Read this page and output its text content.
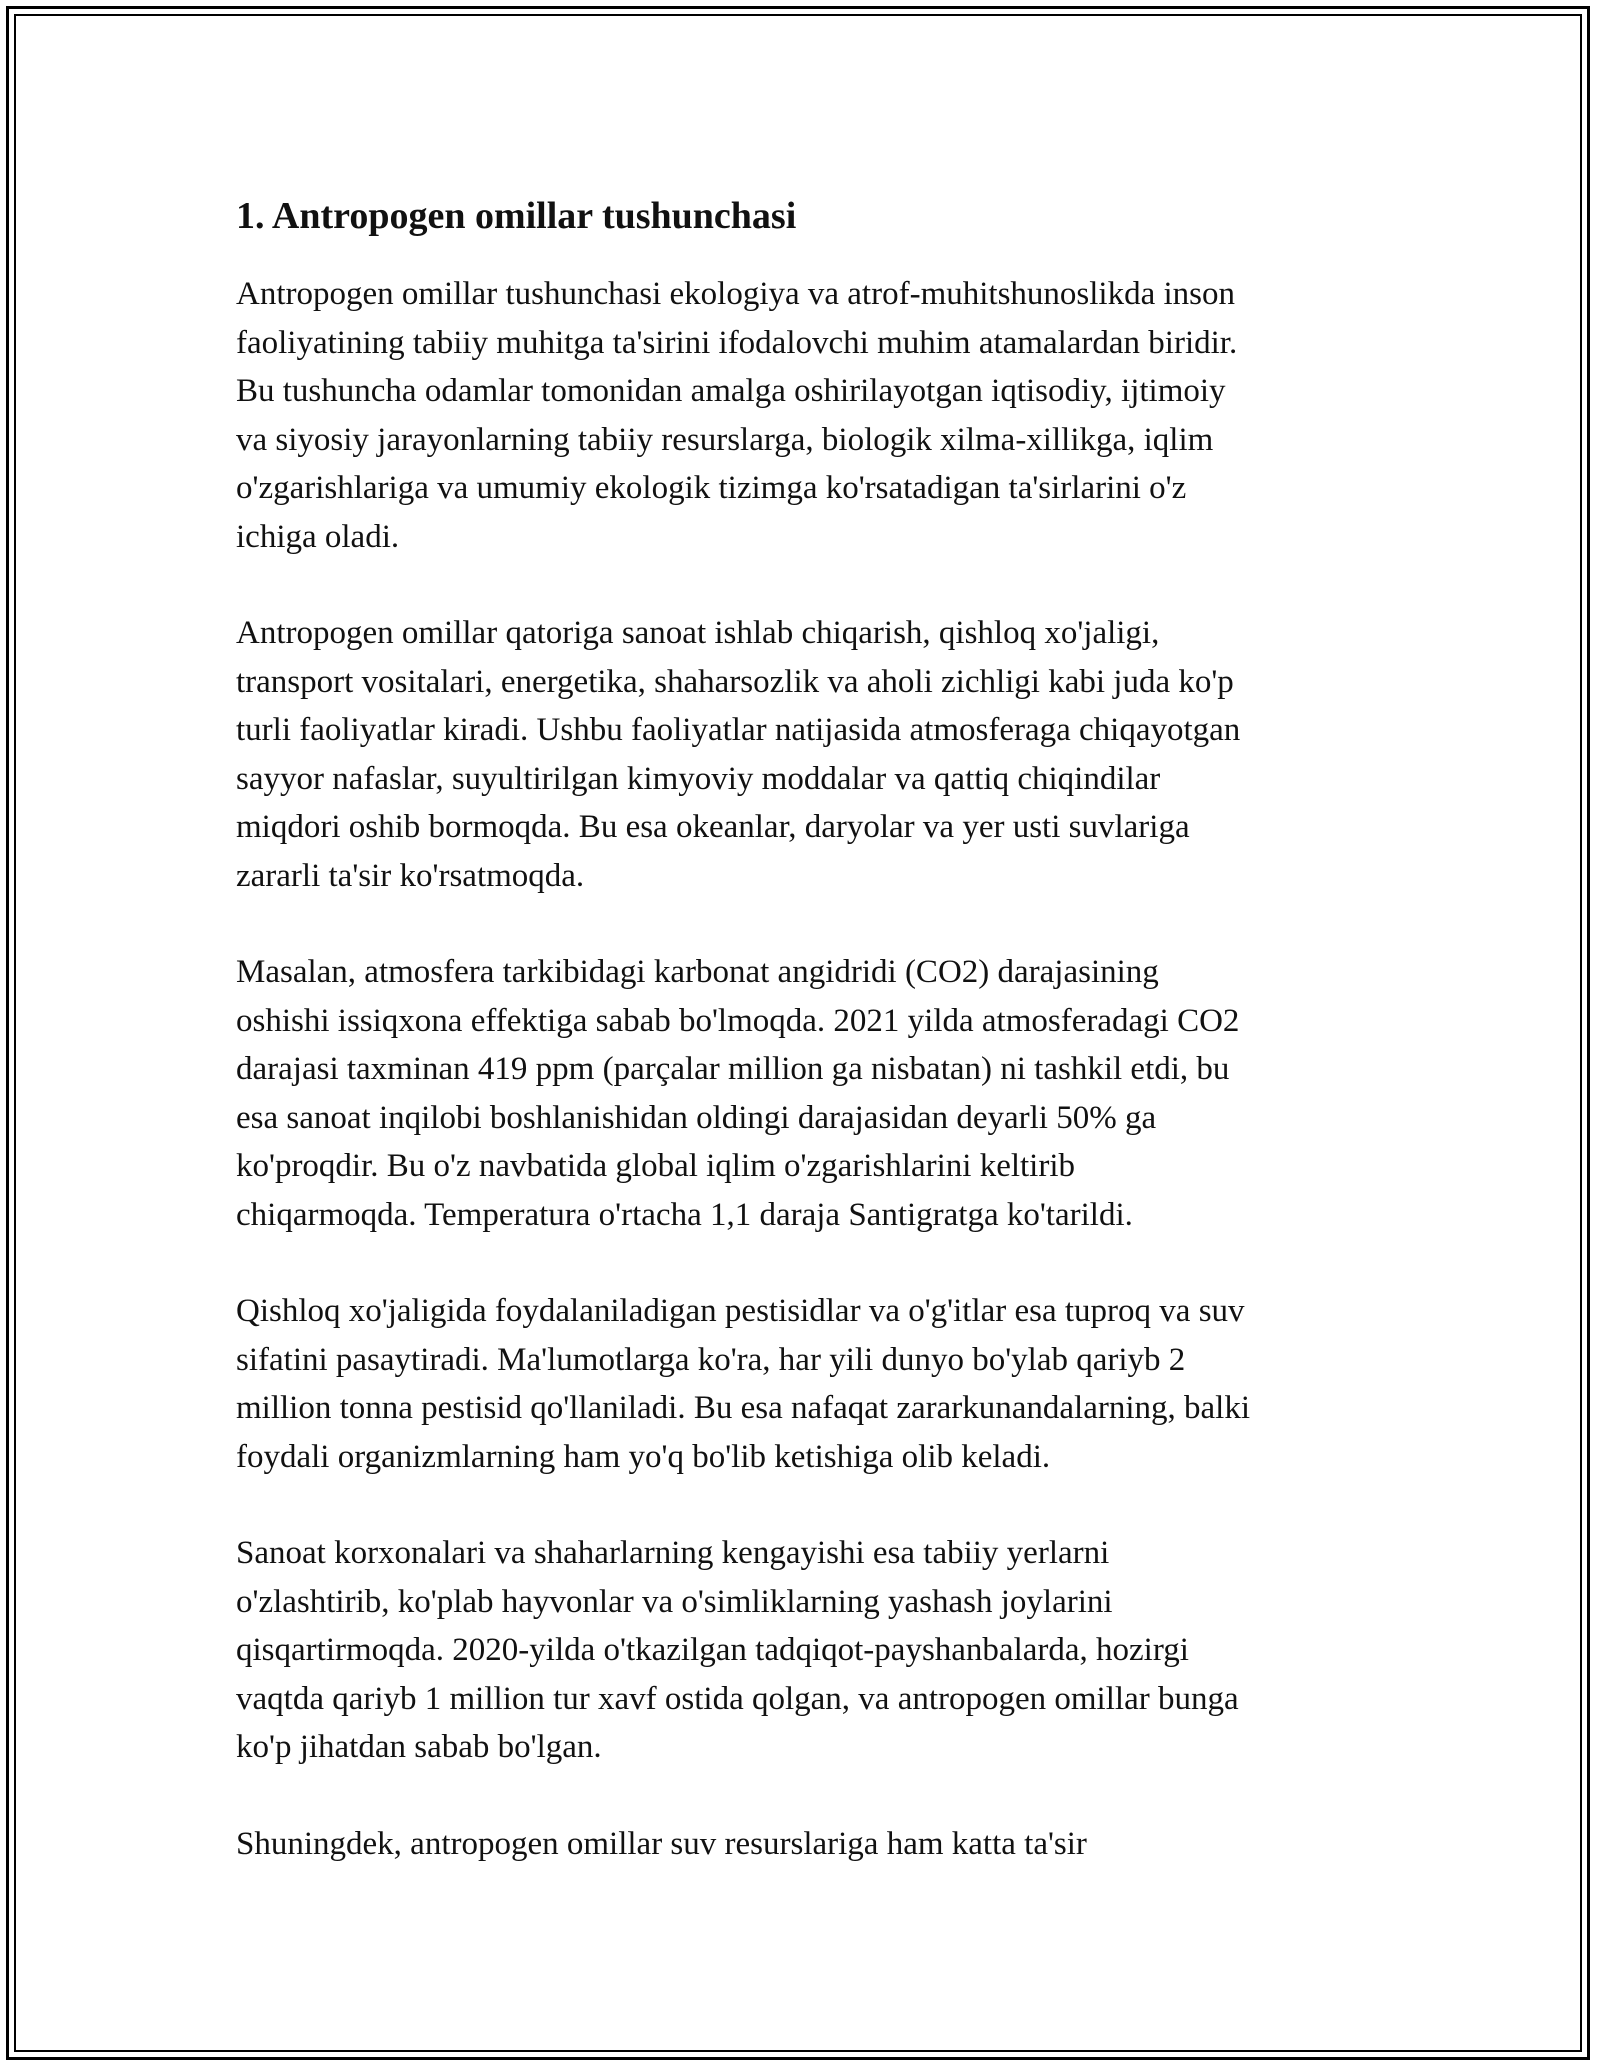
1. Antropogen omillar tushunchasi

Antropogen omillar tushunchasi ekologiya va atrof-muhitshunoslikda inson
faoliyatining tabiiy muhitga ta'sirini ifodalovchi muhim atamalardan biridir.
Bu tushuncha odamlar tomonidan amalga oshirilayotgan iqtisodiy, ijtimoiy
va siyosiy jarayonlarning tabiiy resurslarga, biologik xilma-xillikga, iqlim
o'zgarishlariga va umumiy ekologik tizimga ko'rsatadigan ta'sirlarini o'z
ichiga oladi.

Antropogen omillar qatoriga sanoat ishlab chiqarish, qishloq xo'jaligi,
transport vositalari, energetika, shaharsozlik va aholi zichligi kabi juda ko'p
turli faoliyatlar kiradi. Ushbu faoliyatlar natijasida atmosferaga chiqayotgan
sayyor nafaslar, suyultirilgan kimyoviy moddalar va qattiq chiqindilar
miqdori oshib bormoqda. Bu esa okeanlar, daryolar va yer usti suvlariga
zararli ta'sir ko'rsatmoqda.

Masalan, atmosfera tarkibidagi karbonat angidridi (CO2) darajasining
oshishi issiqxona effektiga sabab bo'lmoqda. 2021 yilda atmosferadagi CO2
darajasi taxminan 419 ppm (parçalar million ga nisbatan) ni tashkil etdi, bu
esa sanoat inqilobi boshlanishidan oldingi darajasidan deyarli 50% ga
ko'proqdir. Bu o'z navbatida global iqlim o'zgarishlarini keltirib
chiqarmoqda. Temperatura o'rtacha 1,1 daraja Santigratga ko'tarildi.

Qishloq xo'jaligida foydalaniladigan pestisidlar va o'g'itlar esa tuproq va suv
sifatini pasaytiradi. Ma'lumotlarga ko'ra, har yili dunyo bo'ylab qariyb 2
million tonna pestisid qo'llaniladi. Bu esa nafaqat zararkunandalarning, balki
foydali organizmlarning ham yo'q bo'lib ketishiga olib keladi.

Sanoat korxonalari va shaharlarning kengayishi esa tabiiy yerlarni
o'zlashtirib, ko'plab hayvonlar va o'simliklarning yashash joylarini
qisqartirmoqda. 2020-yilda o'tkazilgan tadqiqot-payshanbalarda, hozirgi
vaqtda qariyb 1 million tur xavf ostida qolgan, va antropogen omillar bunga
ko'p jihatdan sabab bo'lgan.

Shuningdek, antropogen omillar suv resurslariga ham katta ta'sir
